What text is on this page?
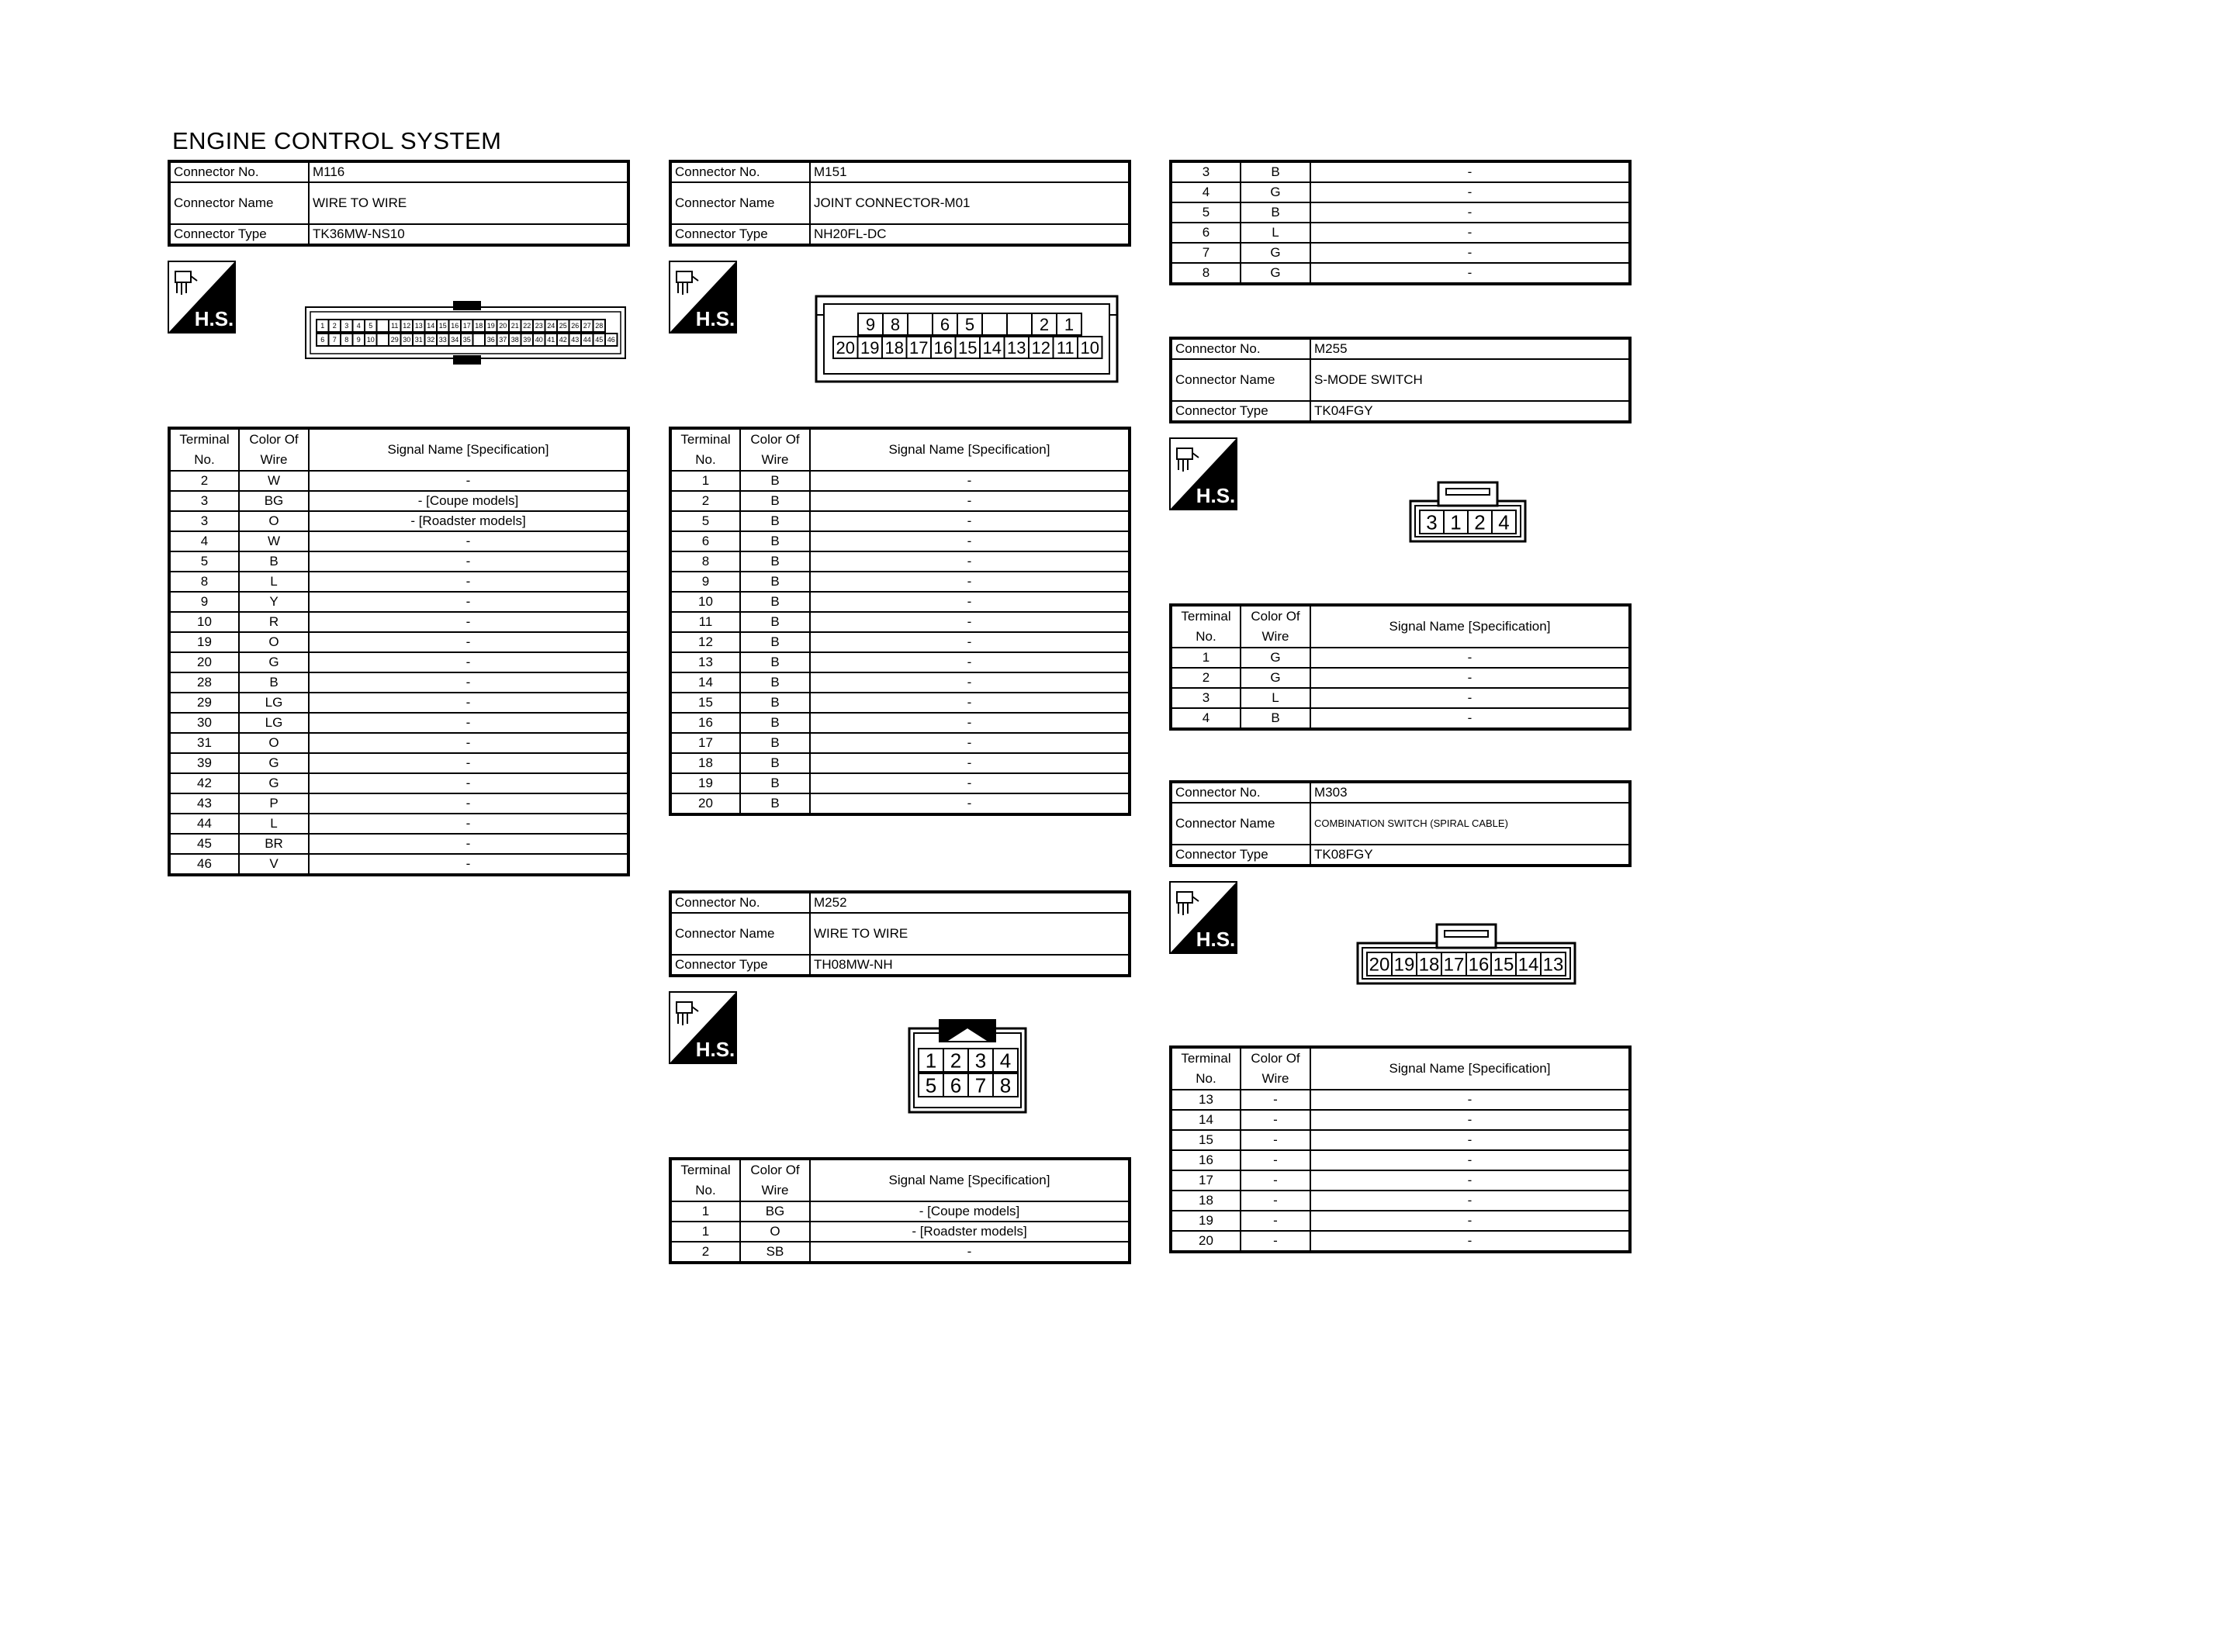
ENGINE CONTROL SYSTEM
Connector No.	M116
Connector Name	WIRE TO WIRE
Connector Type	TK36MW-NS10
H.S.	1 2 3 4 5	11 12 13 14 15 16 17 18 19 20 21 22 23 24 25 26 27 28
6 7 8 9 10 29 30 31 32 33 34 35 36 37 38 39 40 41 42 43 44 45 46
Terminal No.	Color Of Wire	Signal Name [Specification]
2	W	-
3	BG	- [Coupe models]
3	O	- [Roadster models]
4	W	-
5	B	-
8	L	-
9	Y	-
10	R	-
19	O	-
20	G	-
28	B	-
29	LG	-
30	LG	-
31	O	-
39	G	-
42	G	-
43	P	-
44	L	-
45	BR	-
46	V	-
Connector No.	M151
Connector Name	JOINT CONNECTOR-M01
Connector Type	NH20FL-DC
H.S.	9 8 6 5	2 1
20 19 18 17 16 15 14 13 12 11 10
Terminal No.	Color Of Wire	Signal Name [Specification]
1	B	-
2	B	-
5	B	-
6	B	-
8	B	-
9	B	-
10	B	-
11	B	-
12	B	-
13	B	-
14	B	-
15	B	-
16	B	-
17	B	-
18	B	-
19	B	-
20	B	-
Connector No.	M252
Connector Name	WIRE TO WIRE
Connector Type	TH08MW-NH
H.S.	1 2 3 4
5 6 7 8
Terminal No.	Color Of Wire	Signal Name [Specification]
1	BG	- [Coupe models]
1	O	- [Roadster models]
2	SB	-
3	B	-
4	G	-
5	B	-
6	L	-
7	G	-
8	G	-
Connector No.	M255
Connector Name	S-MODE SWITCH
Connector Type	TK04FGY
H.S.
3 1 2 4
Terminal No.	Color Of Wire	Signal Name [Specification]
1	G	-
2	G	-
3	L	-
4	B	-
Connector No.	M303
Connector Name	COMBINATION SWITCH (SPIRAL CABLE)
Connector Type	TK08FGY
H.S.
20 19 18 17 16 15 14 13
Terminal No.	Color Of Wire	Signal Name [Specification]
13	-	-
14	-	-
15	-	-
16	-	-
17	-	-
18	-	-
19	-	-
20	-	-
